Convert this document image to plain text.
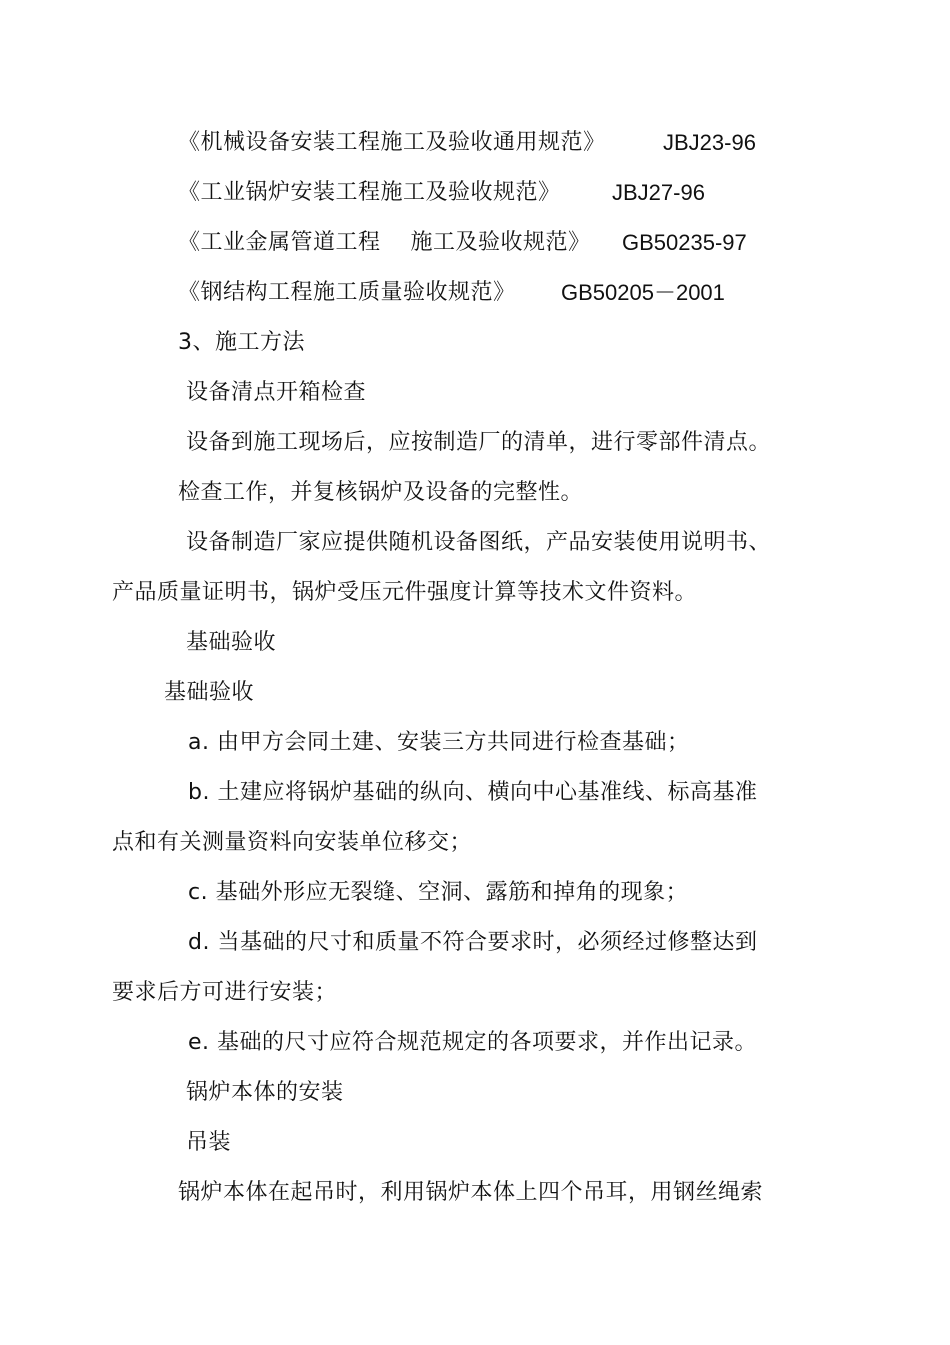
《机械设备安装工程施工及验收通用规范》	JBJ23-96
《工业锅炉安装工程施工及验收规范》 JBJ27-96
《工业金属管道工程　 施工及验收规范》 GB50235-97
《钢结构工程施工质量验收规范》 GB50205－2001
3、施工方法
设备清点开箱检查
设备到施工现场后，应按制造厂的清单，进行零部件清点。
检查工作，并复核锅炉及设备的完整性。
设备制造厂家应提供随机设备图纸，产品安装使用说明书、
产品质量证明书，锅炉受压元件强度计算等技术文件资料。
基础验收
基础验收
a. 由甲方会同土建、安装三方共同进行检查基础；
b. 土建应将锅炉基础的纵向、横向中心基准线、标高基准
点和有关测量资料向安装单位移交；
c. 基础外形应无裂缝、空洞、露筋和掉角的现象；
d. 当基础的尺寸和质量不符合要求时，必须经过修整达到
要求后方可进行安装；
e. 基础的尺寸应符合规范规定的各项要求，并作出记录。
锅炉本体的安装
吊装
锅炉本体在起吊时，利用锅炉本体上四个吊耳，用钢丝绳索
